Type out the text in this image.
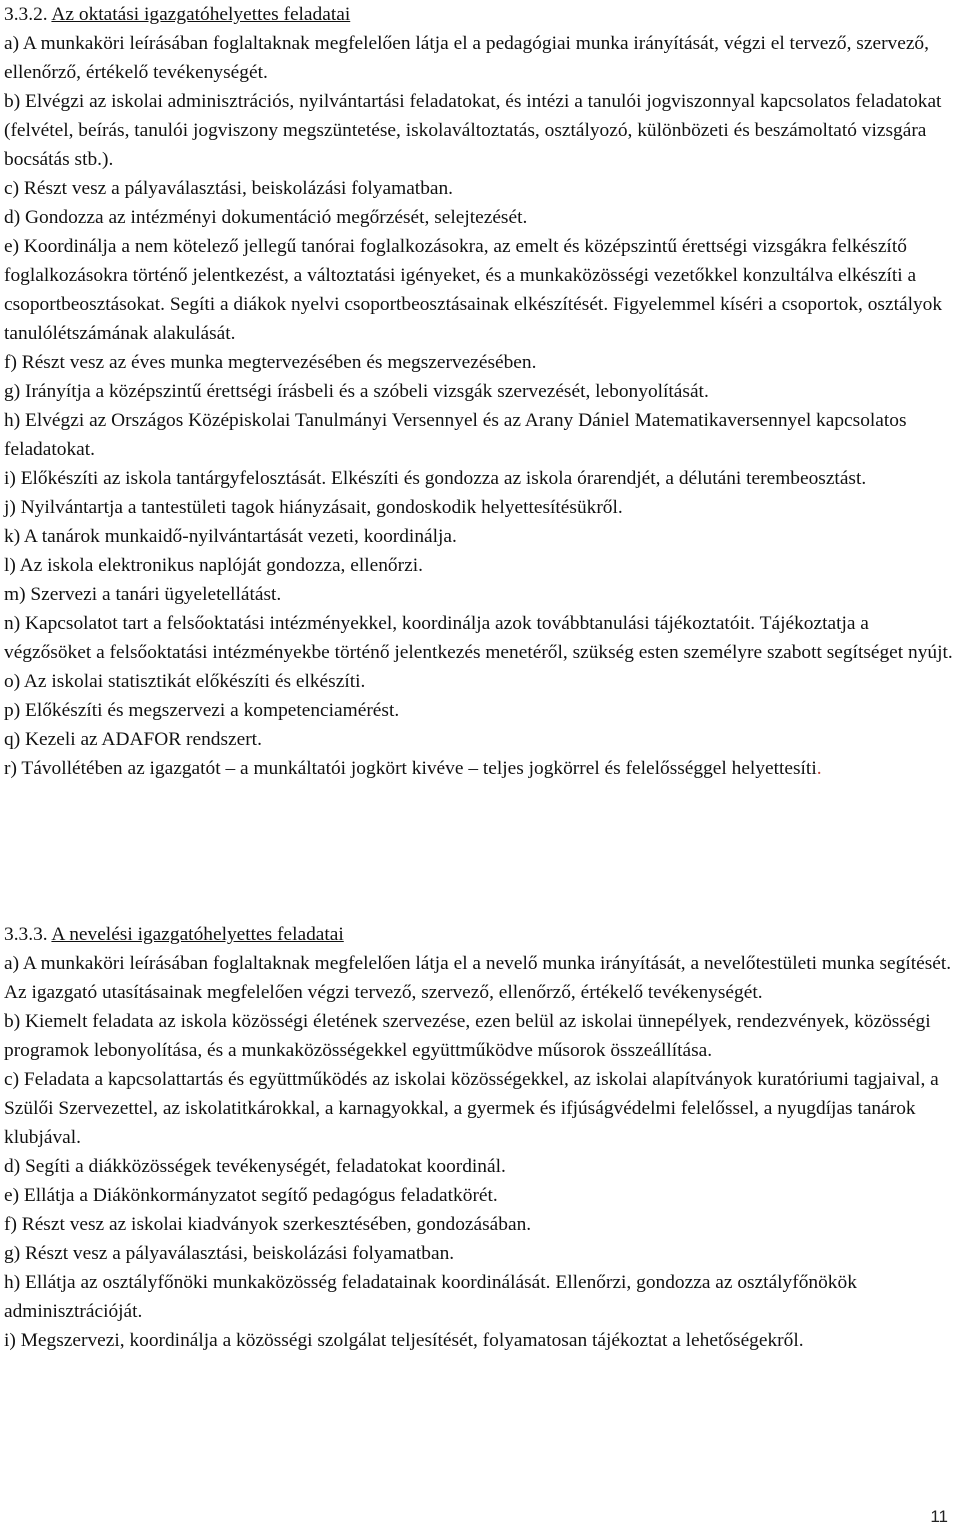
3.3.2. Az oktatási igazgatóhelyettes feladatai

a) A munkaköri leírásában foglaltaknak megfelelően látja el a pedagógiai munka irányítását, végzi el tervező, szervező, ellenőrző, értékelő tevékenységét.

b) Elvégzi az iskolai adminisztrációs, nyilvántartási feladatokat, és intézi a tanulói jogviszonnyal kapcsolatos feladatokat (felvétel, beírás, tanulói jogviszony megszüntetése, iskolaváltoztatás, osztályozó, különbözeti és beszámoltató vizsgára bocsátás stb.).

c) Részt vesz a pályaválasztási, beiskolázási folyamatban.

d) Gondozza az intézményi dokumentáció megőrzését, selejtezését.

e) Koordinálja a nem kötelező jellegű tanórai foglalkozásokra, az emelt és középszintű érettségi vizsgákra felkészítő foglalkozásokra történő jelentkezést, a változtatási igényeket, és a munkaközösségi vezetőkkel konzultálva elkészíti a csoportbeosztásokat. Segíti a diákok nyelvi csoportbeosztásainak elkészítését. Figyelemmel kíséri a csoportok, osztályok tanulólétszámának alakulását.

f) Részt vesz az éves munka megtervezésében és megszervezésében.

g) Irányítja a középszintű érettségi írásbeli és a szóbeli vizsgák szervezését, lebonyolítását.

h) Elvégzi az Országos Középiskolai Tanulmányi Versennyel és az Arany Dániel Matematikaversennyel kapcsolatos feladatokat.

i) Előkészíti az iskola tantárgyfelosztását. Elkészíti és gondozza az iskola órarendjét, a délutáni terembeosztást.

j) Nyilvántartja a tantestületi tagok hiányzásait, gondoskodik helyettesítésükről.

k) A tanárok munkaidő-nyilvántartását vezeti, koordinálja.

l) Az iskola elektronikus naplóját gondozza, ellenőrzi.

m) Szervezi a tanári ügyeletellátást.

n) Kapcsolatot tart a felsőoktatási intézményekkel, koordinálja azok továbbtanulási tájékoztatóit. Tájékoztatja a végzősöket a felsőoktatási intézményekbe történő jelentkezés menetéről, szükség esten személyre szabott segítséget nyújt.

o) Az iskolai statisztikát előkészíti és elkészíti.

p) Előkészíti és megszervezi a kompetenciamérést.

q) Kezeli az ADAFOR rendszert.

r) Távollétében az igazgatót – a munkáltatói jogkört kivéve – teljes jogkörrel és felelősséggel helyettesíti.

3.3.3. A nevelési igazgatóhelyettes feladatai

a) A munkaköri leírásában foglaltaknak megfelelően látja el a nevelő munka irányítását, a nevelőtestületi munka segítését. Az igazgató utasításainak megfelelően végzi tervező, szervező, ellenőrző, értékelő tevékenységét.

b) Kiemelt feladata az iskola közösségi életének szervezése, ezen belül az iskolai ünnepélyek, rendezvények, közösségi programok lebonyolítása, és a munkaközösségekkel együttműködve műsorok összeállítása.

c) Feladata a kapcsolattartás és együttműködés az iskolai közösségekkel, az iskolai alapítványok kuratóriumi tagjaival, a Szülői Szervezettel, az iskolatitkárokkal, a karnagyokkal, a gyermek és ifjúságvédelmi felelőssel, a nyugdíjas tanárok klubjával.

d) Segíti a diákközösségek tevékenységét, feladatokat koordinál.

e) Ellátja a Diákönkormányzatot segítő pedagógus feladatkörét.

f) Részt vesz az iskolai kiadványok szerkesztésében, gondozásában.

g) Részt vesz a pályaválasztási, beiskolázási folyamatban.

h) Ellátja az osztályfőnöki munkaközösség feladatainak koordinálását. Ellenőrzi, gondozza az osztályfőnökök adminisztrációját.

i) Megszervezi, koordinálja a közösségi szolgálat teljesítését, folyamatosan tájékoztat a lehetőségekről.

11
